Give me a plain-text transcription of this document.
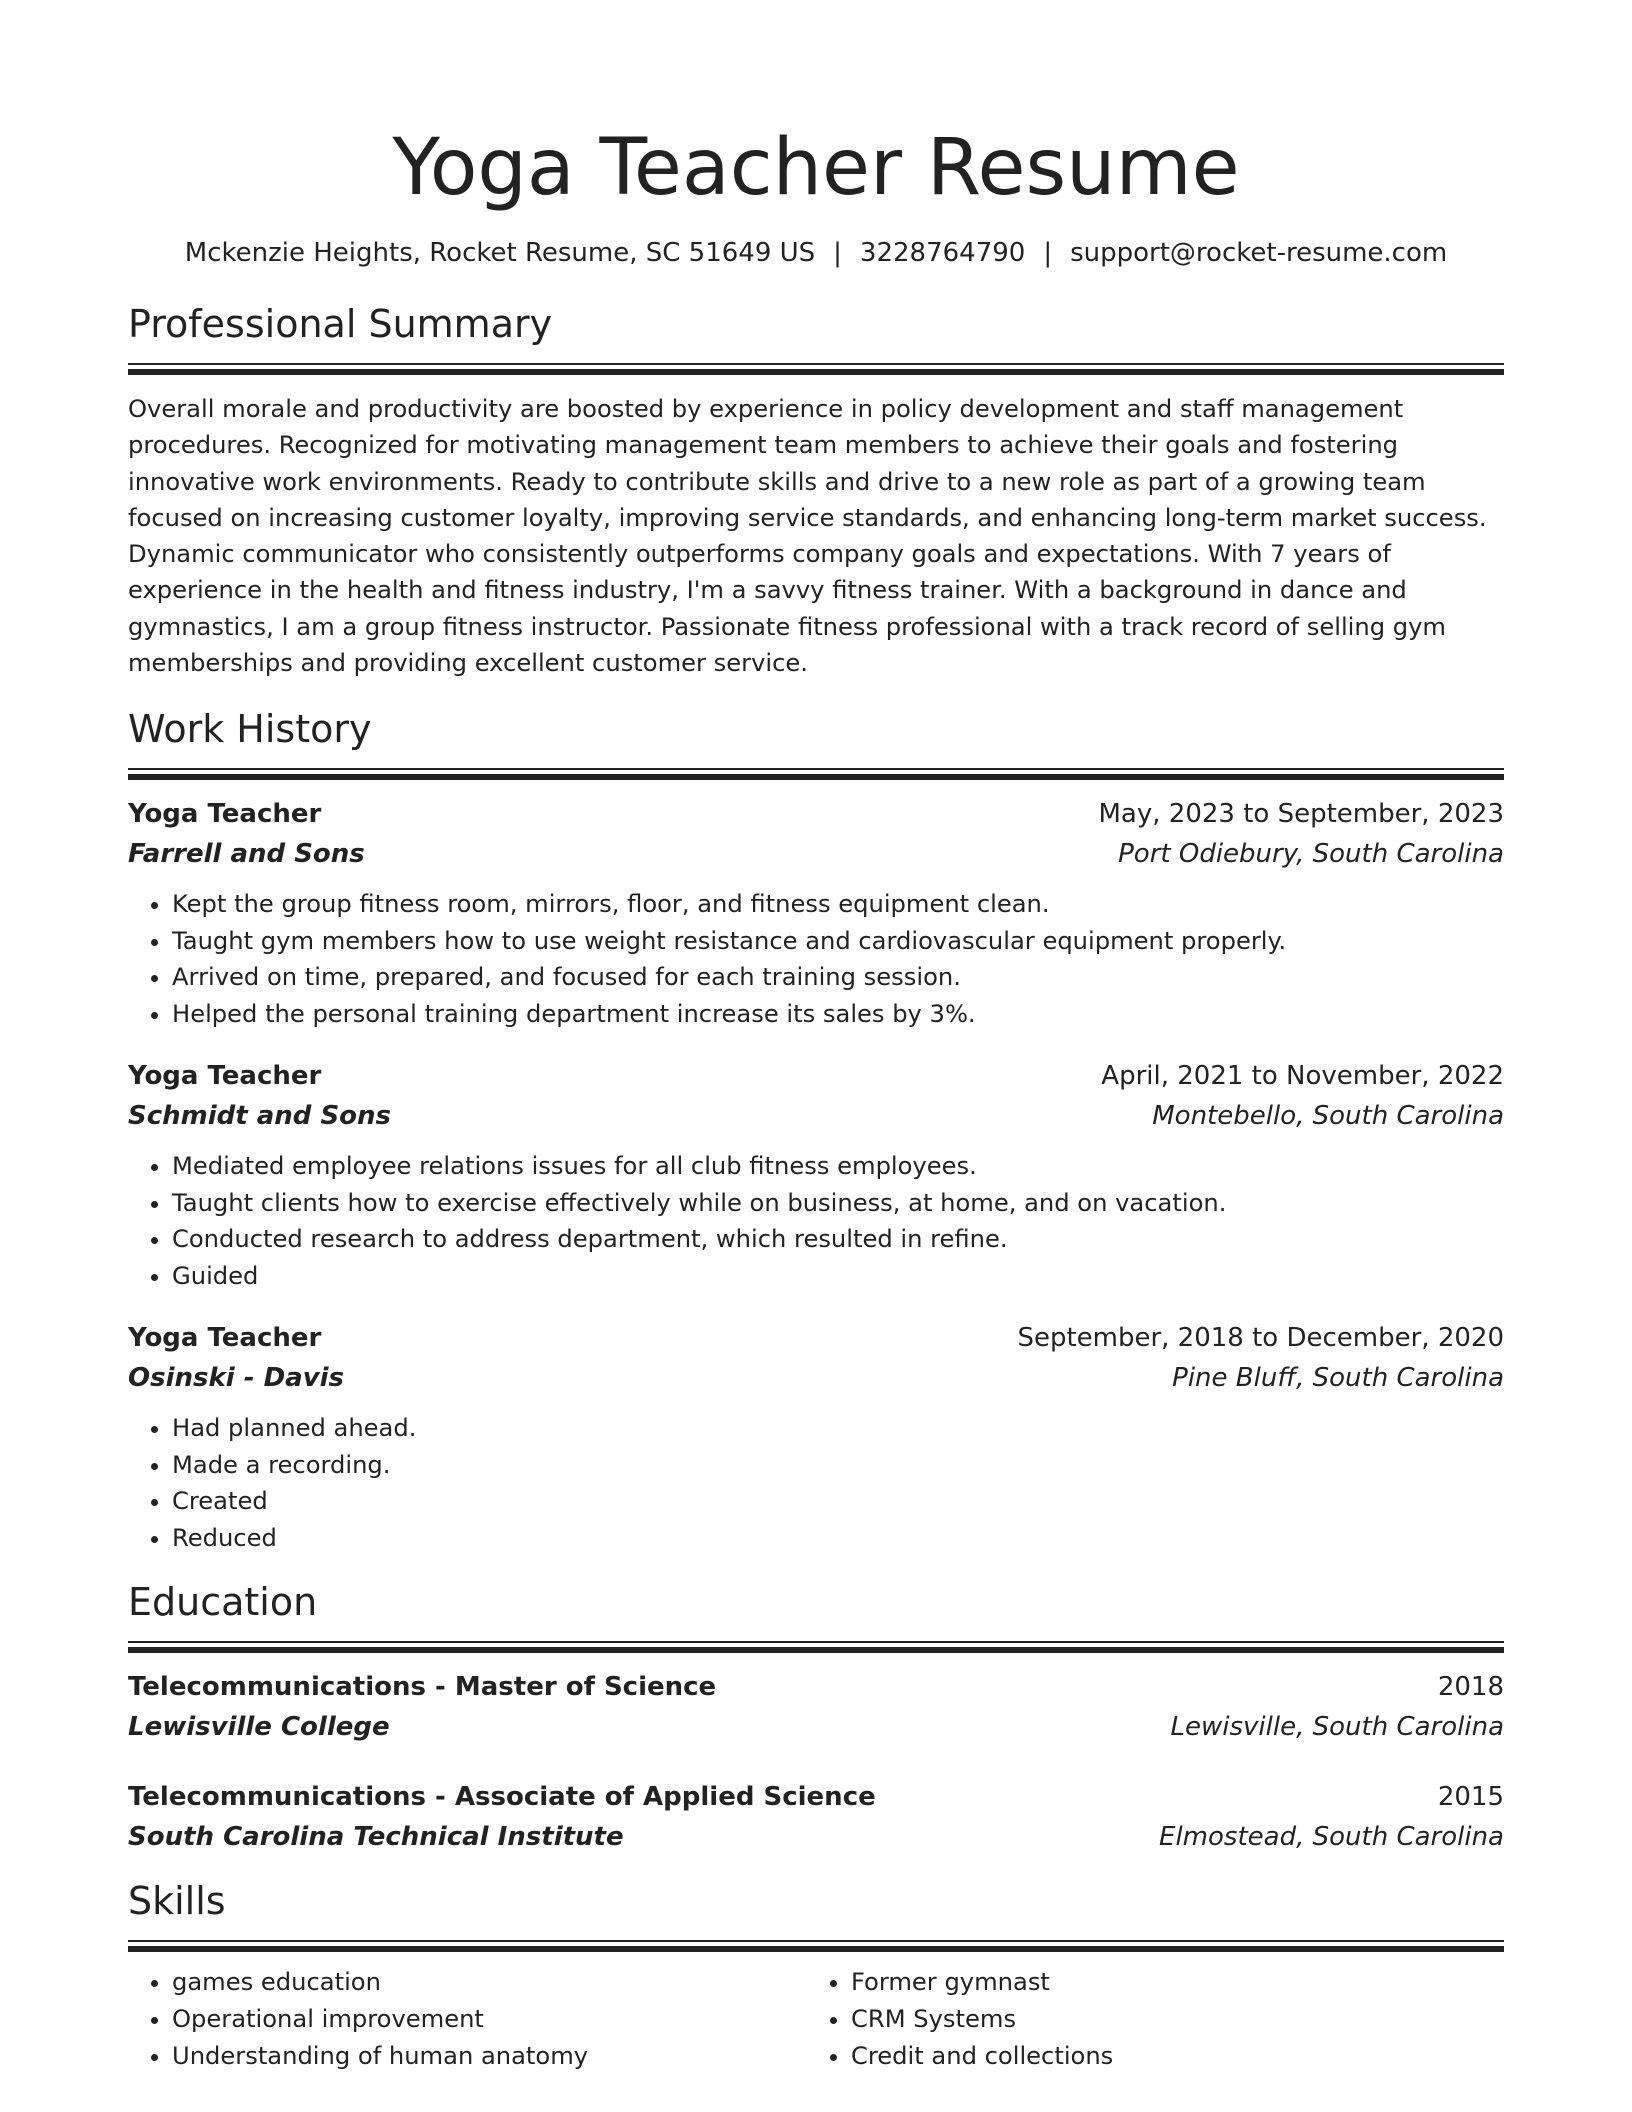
Yoga Teacher Resume
Mckenzie Heights, Rocket Resume, SC 51649 US | 3228764790 | support@rocket-resume.com
Professional Summary

Overall morale and productivity are boosted by experience in policy development and staff management procedures. Recognized for motivating management team members to achieve their goals and fostering innovative work environments. Ready to contribute skills and drive to a new role as part of a growing team focused on increasing customer loyalty, improving service standards, and enhancing long-term market success. Dynamic communicator who consistently outperforms company goals and expectations. With 7 years of experience in the health and fitness industry, I'm a savvy fitness trainer. With a background in dance and gymnastics, I am a group fitness instructor. Passionate fitness professional with a track record of selling gym memberships and providing excellent customer service.

Work History
Yoga Teacher	May, 2023 to September, 2023
Farrell and Sons	Port Odiebury, South Carolina
• Kept the group fitness room, mirrors, floor, and fitness equipment clean.
• Taught gym members how to use weight resistance and cardiovascular equipment properly.
• Arrived on time, prepared, and focused for each training session.
• Helped the personal training department increase its sales by 3%.
Yoga Teacher	April, 2021 to November, 2022
Schmidt and Sons	Montebello, South Carolina
• Mediated employee relations issues for all club fitness employees.
• Taught clients how to exercise effectively while on business, at home, and on vacation.
• Conducted research to address department, which resulted in refine.
• Guided
Yoga Teacher	September, 2018 to December, 2020
Osinski - Davis	Pine Bluff, South Carolina
• Had planned ahead.
• Made a recording.
• Created
• Reduced
Education
Telecommunications - Master of Science	2018
Lewisville College	Lewisville, South Carolina
Telecommunications - Associate of Applied Science	2015
South Carolina Technical Institute	Elmostead, South Carolina
Skills
• games education
• Operational improvement
• Understanding of human anatomy
• Former gymnast
• CRM Systems
• Credit and collections
